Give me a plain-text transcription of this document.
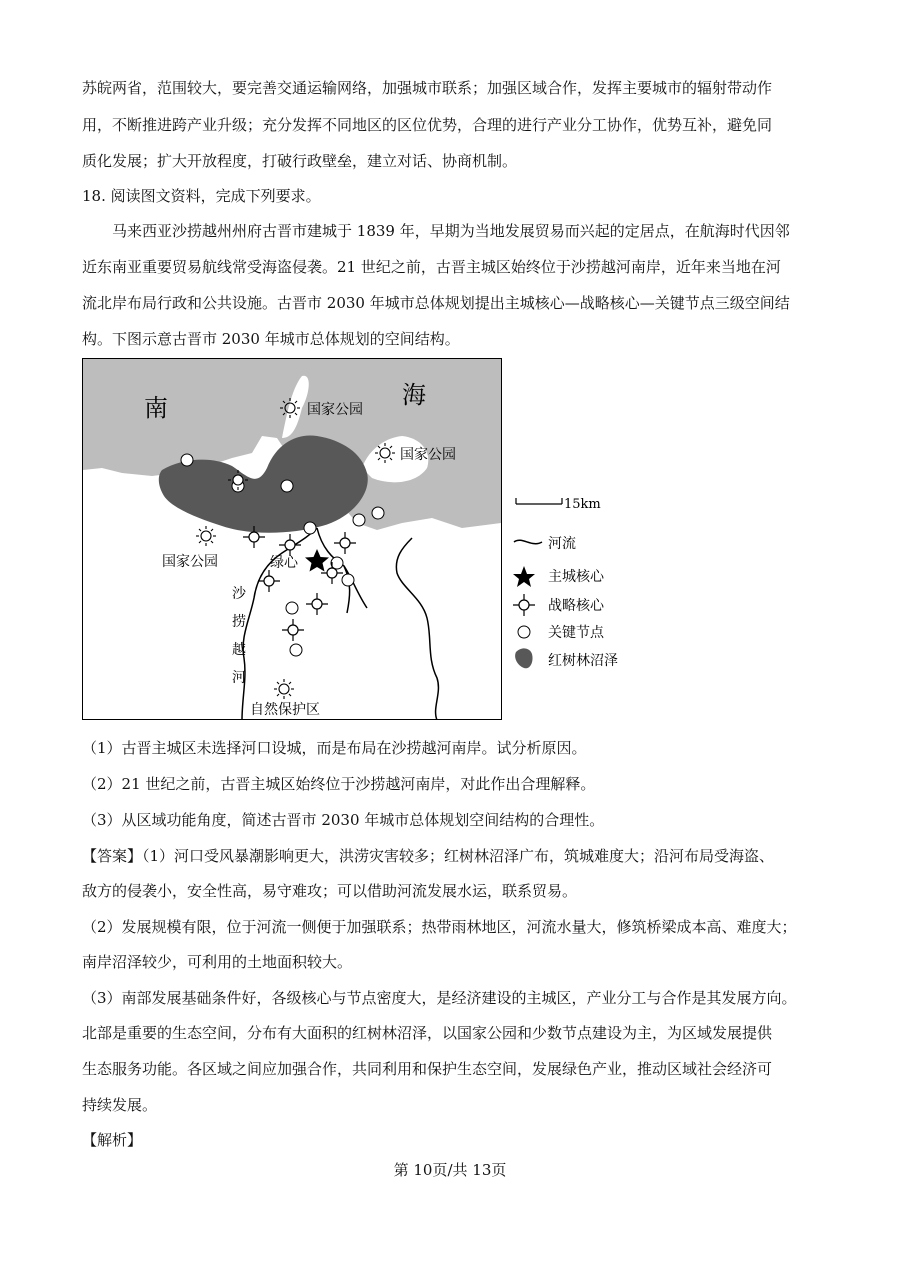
苏皖两省，范围较大，要完善交通运输网络，加强城市联系；加强区域合作，发挥主要城市的辐射带动作
用，不断推进跨产业升级；充分发挥不同地区的区位优势，合理的进行产业分工协作，优势互补，避免同
质化发展；扩大开放程度，打破行政壁垒，建立对话、协商机制。
18. 阅读图文资料，完成下列要求。
马来西亚沙捞越州州府古晋市建城于 1839 年，早期为当地发展贸易而兴起的定居点，在航海时代因邻
近东南亚重要贸易航线常受海盗侵袭。21 世纪之前，古晋主城区始终位于沙捞越河南岸，近年来当地在河
流北岸布局行政和公共设施。古晋市 2030 年城市总体规划提出主城核心—战略核心—关键节点三级空间结
构。下图示意古晋市 2030 年城市总体规划的空间结构。
南	海
国家公园
国家公园
国家公园	绿心
沙
捞
越
河
自然保护区
15km
河流
主城核心
战略核心
关键节点
红树林沼泽
（1）古晋主城区未选择河口设城，而是布局在沙捞越河南岸。试分析原因。
（2）21 世纪之前，古晋主城区始终位于沙捞越河南岸，对此作出合理解释。
（3）从区域功能角度，简述古晋市 2030 年城市总体规划空间结构的合理性。
【答案】（1）河口受风暴潮影响更大，洪涝灾害较多；红树林沼泽广布，筑城难度大；沿河布局受海盗、
敌方的侵袭小，安全性高，易守难攻；可以借助河流发展水运，联系贸易。
（2）发展规模有限，位于河流一侧便于加强联系；热带雨林地区，河流水量大，修筑桥梁成本高、难度大；
南岸沼泽较少，可利用的土地面积较大。
（3）南部发展基础条件好，各级核心与节点密度大，是经济建设的主城区，产业分工与合作是其发展方向。
北部是重要的生态空间，分布有大面积的红树林沼泽，以国家公园和少数节点建设为主，为区域发展提供
生态服务功能。各区域之间应加强合作，共同利用和保护生态空间，发展绿色产业，推动区域社会经济可
持续发展。
【解析】
第 10页/共 13页
